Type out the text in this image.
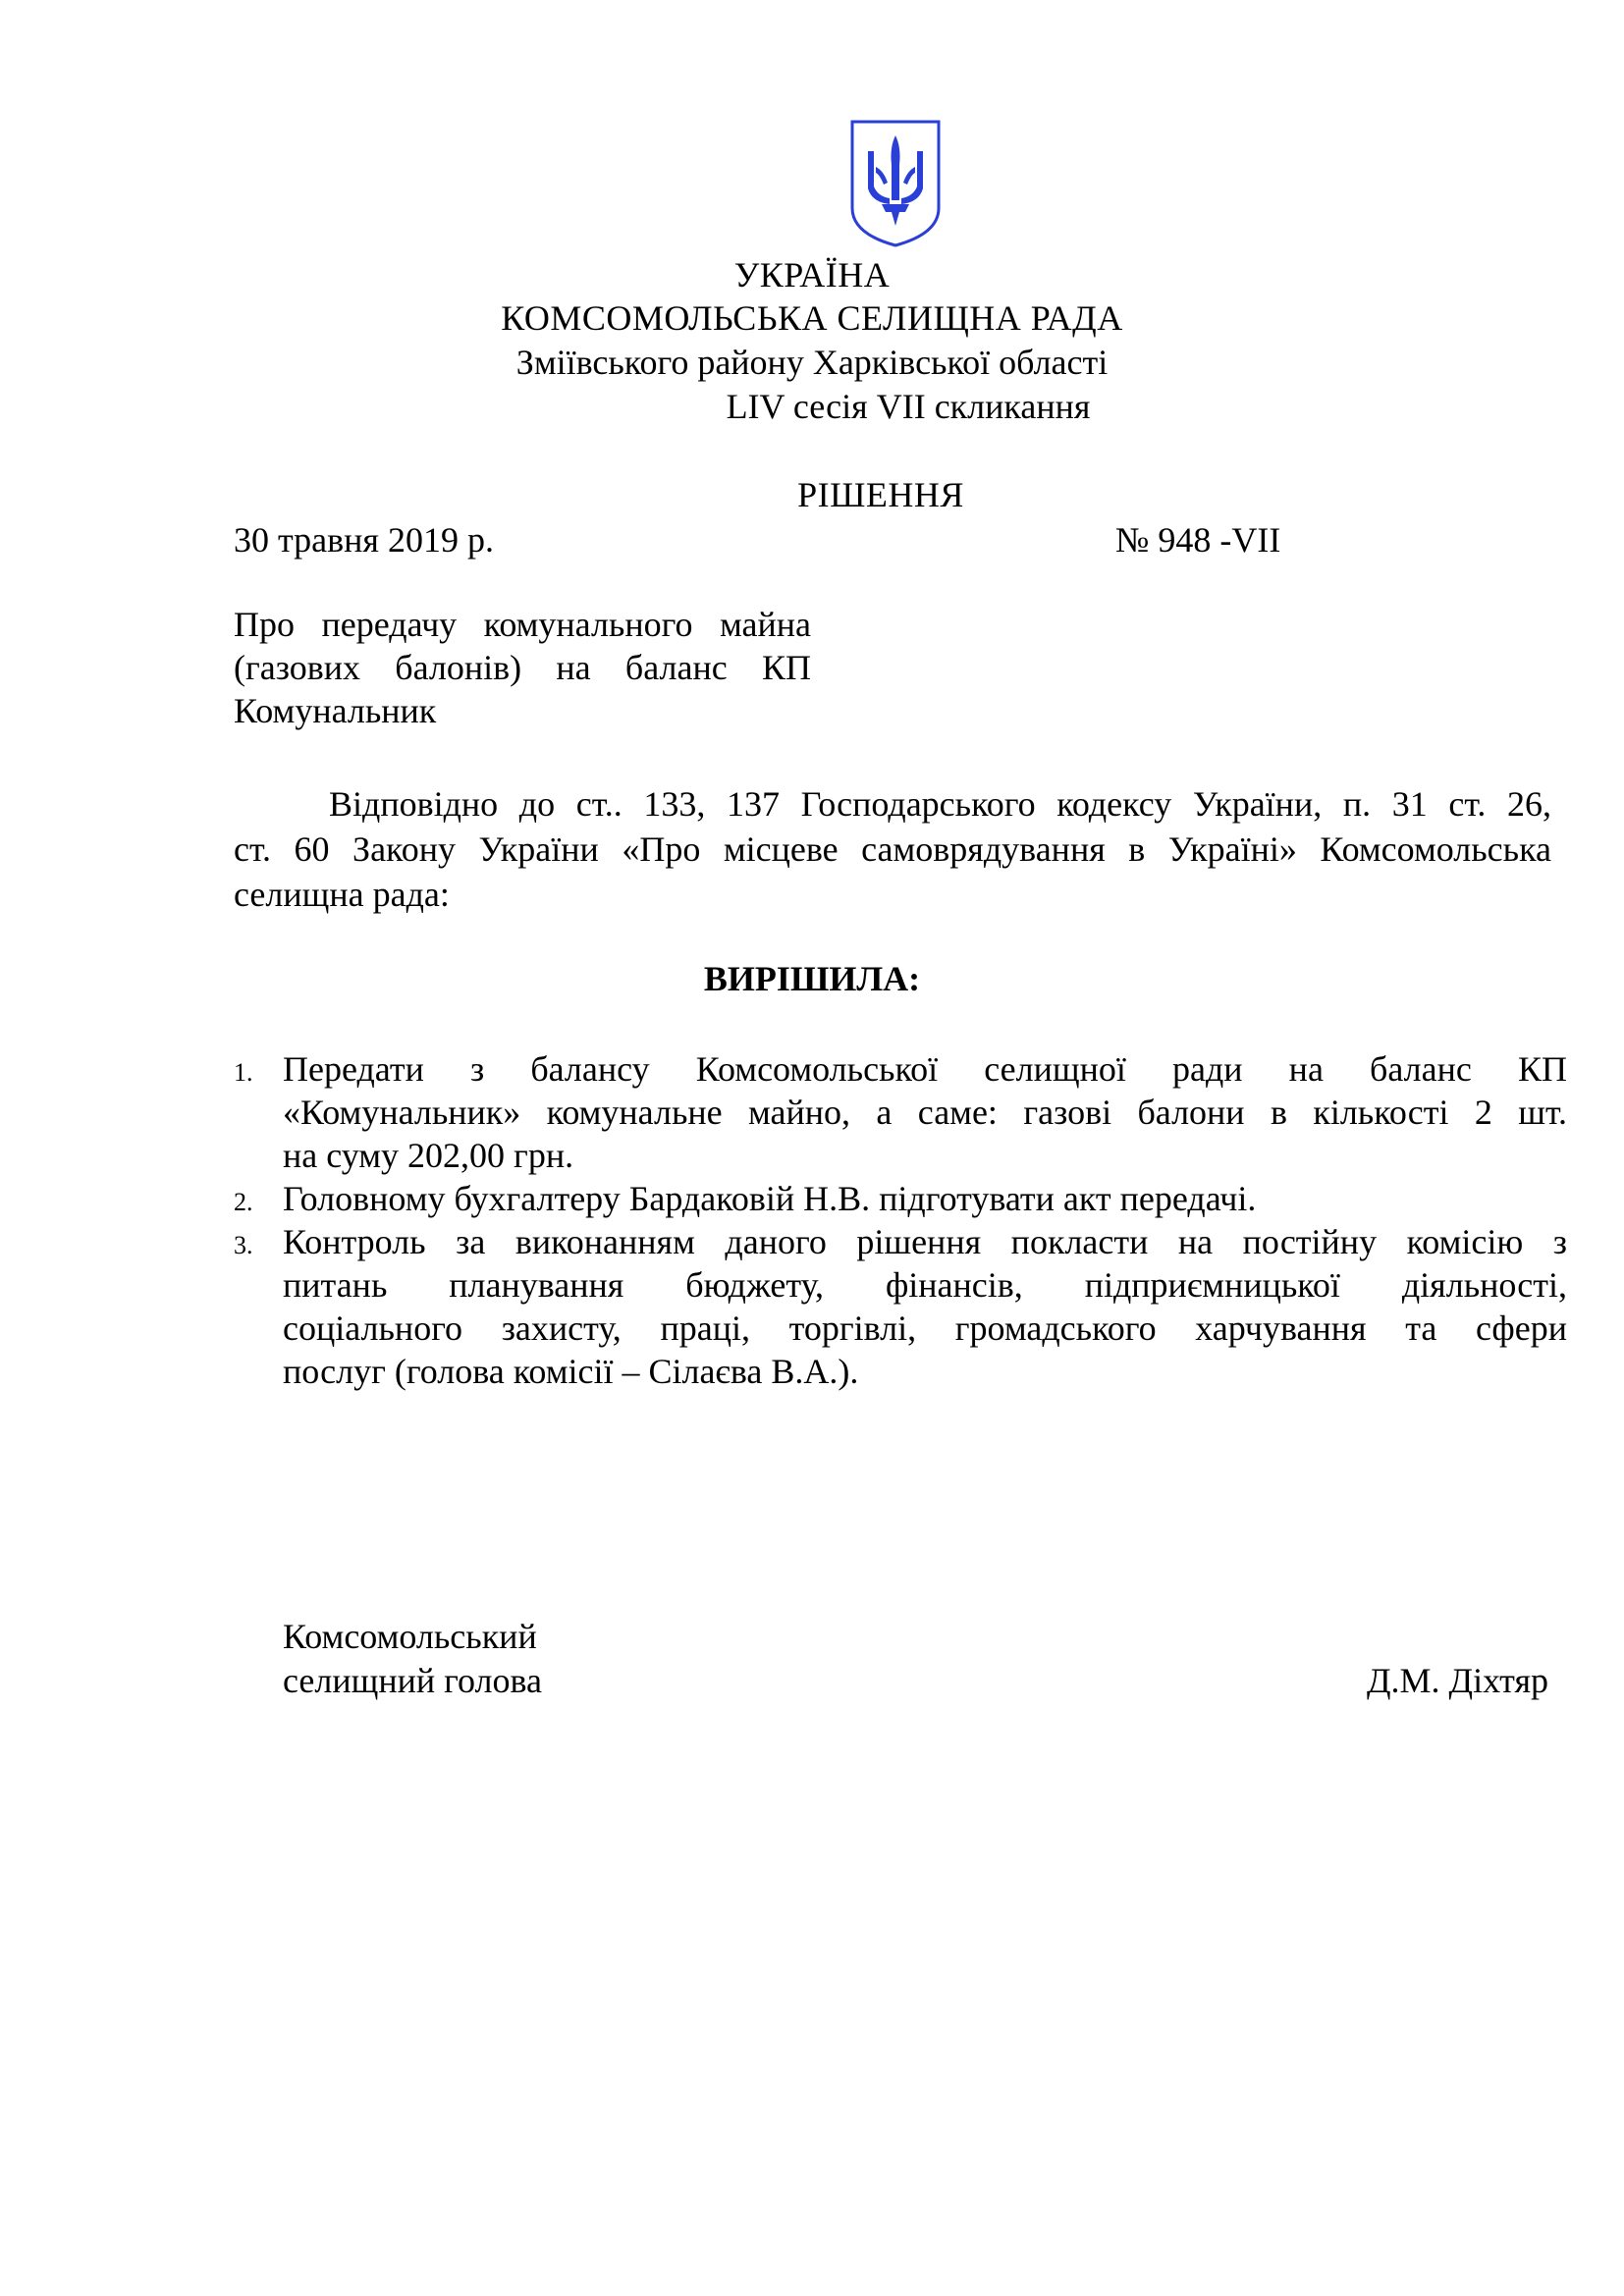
УКРАЇНА
КОМСОМОЛЬСЬКА СЕЛИЩНА РАДА
Зміївського району Харківської області
LIV сесія VII скликання
РІШЕННЯ
30 травня 2019 р.	№ 948 -VII
Про передачу комунального майна
(газових балонів) на баланс КП
Комунальник
Відповідно до ст.. 133, 137 Господарського кодексу України, п. 31 ст. 26,
ст. 60 Закону України «Про місцеве самоврядування в Україні» Комсомольська
селищна рада:
ВИРІШИЛА:
1. Передати з балансу Комсомольської селищної ради на баланс КП
«Комунальник» комунальне майно, а саме: газові балони в кількості 2 шт.
на суму 202,00 грн.
2. Головному бухгалтеру Бардаковій Н.В. підготувати акт передачі.
3. Контроль за виконанням даного рішення покласти на постійну комісію з
питань планування бюджету, фінансів, підприємницької діяльності,
соціального захисту, праці, торгівлі, громадського харчування та сфери
послуг (голова комісії – Сілаєва В.А.).
Комсомольський
селищний голова	Д.М. Діхтяр
